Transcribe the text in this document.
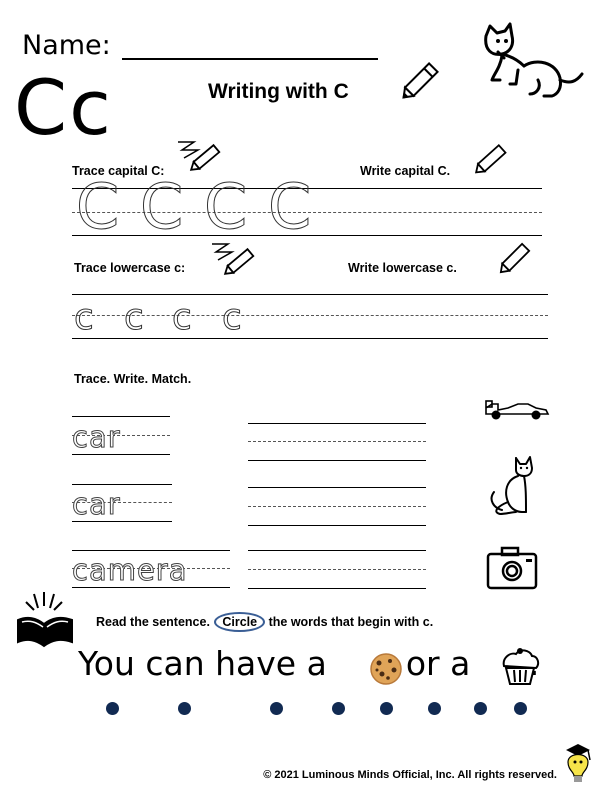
Name:
Cc	Writing with C
Trace capital C:	Write capital C.
C C C C
Trace lowercase c:	Write lowercase c.
c c c c
Trace. Write. Match.
car
car
camera
Read the sentence. Circle the words that begin with c.
You can have a or a .
© 2021 Luminous Minds Official, Inc. All rights reserved.
